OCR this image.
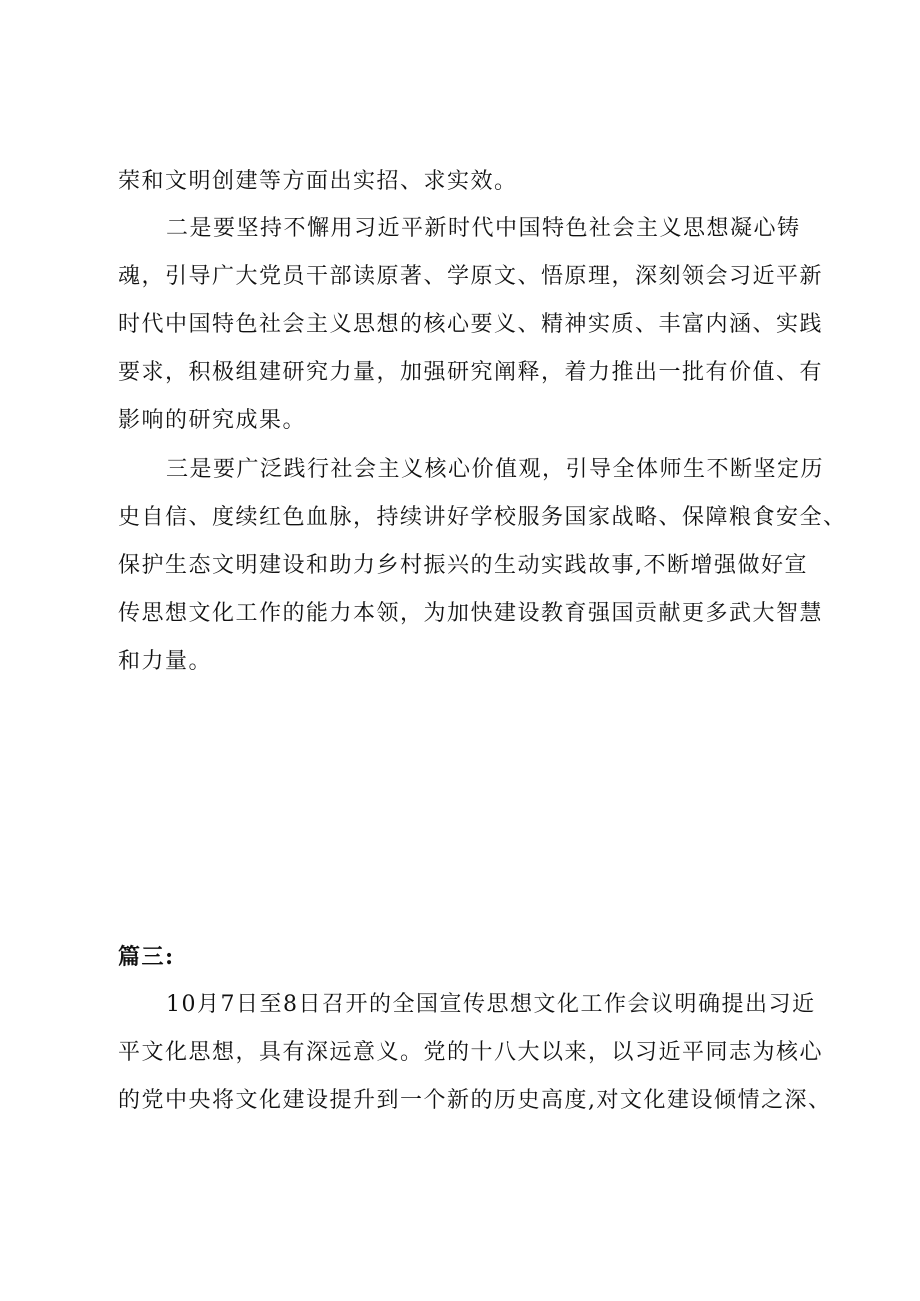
荣和文明创建等方面出实招、求实效。
二是要坚持不懈用习近平新时代中国特色社会主义思想凝心铸
魂，引导广大党员干部读原著、学原文、悟原理，深刻领会习近平新
时代中国特色社会主义思想的核心要义、精神实质、丰富内涵、实践
要求，积极组建研究力量，加强研究阐释，着力推出一批有价值、有
影响的研究成果。
三是要广泛践行社会主义核心价值观，引导全体师生不断坚定历
史自信、度续红色血脉，持续讲好学校服务国家战略、保障粮食安全、
保护生态文明建设和助力乡村振兴的生动实践故事,不断增强做好宣
传思想文化工作的能力本领，为加快建设教育强国贡献更多武大智慧
和力量。
篇三:
10月7日至8日召开的全国宣传思想文化工作会议明确提出习近
平文化思想，具有深远意义。党的十八大以来，以习近平同志为核心
的党中央将文化建设提升到一个新的历史高度,对文化建设倾情之深、
